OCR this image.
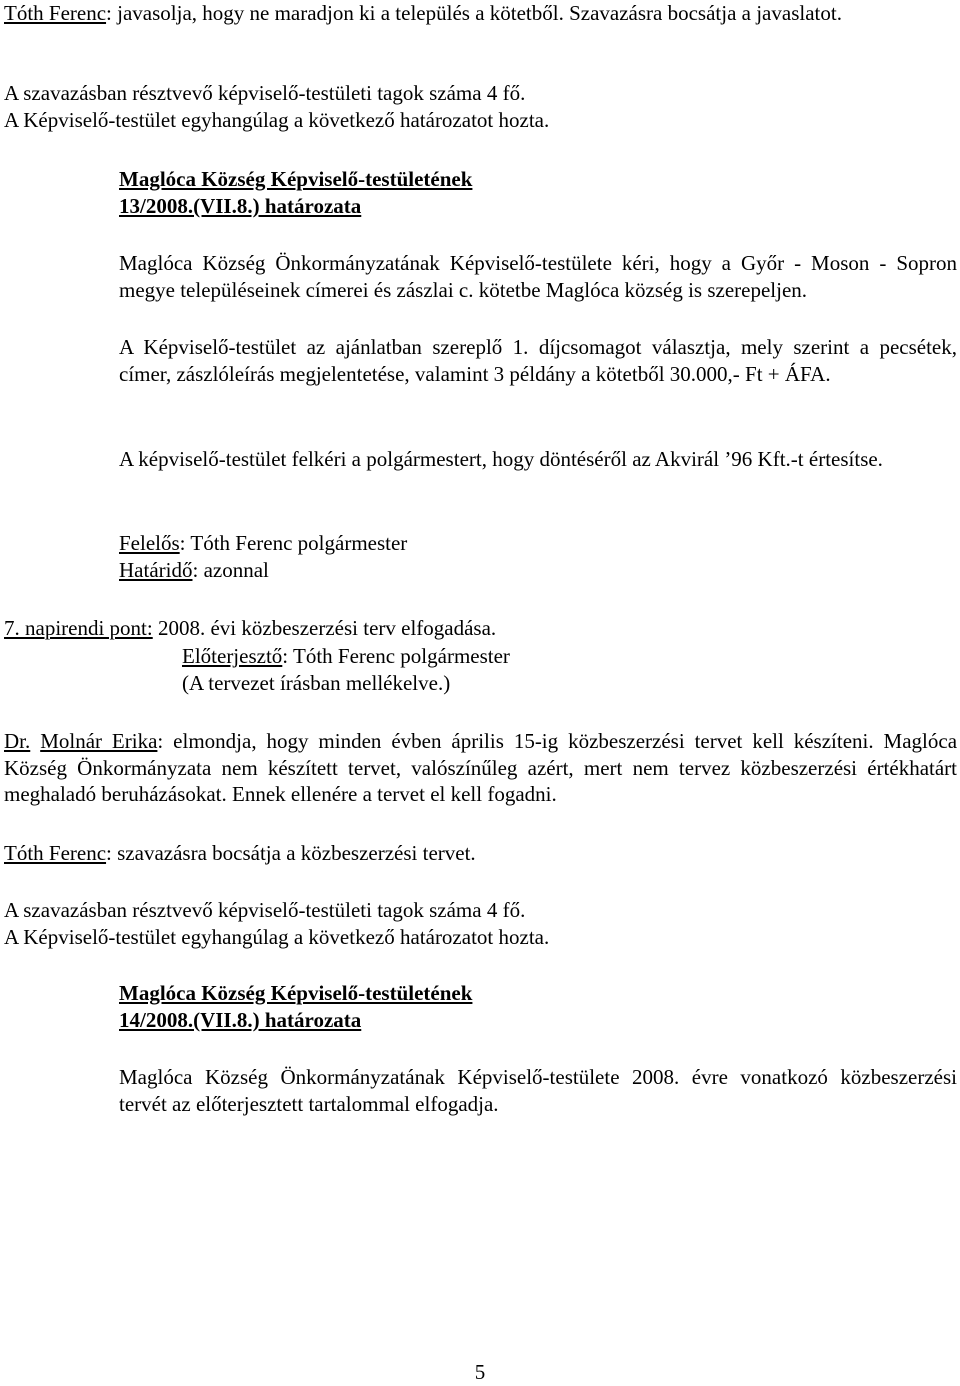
Tóth Ferenc: javasolja, hogy ne maradjon ki a település a kötetből. Szavazásra bocsátja a javaslatot.
A szavazásban résztvevő képviselő-testületi tagok száma 4 fő.
A Képviselő-testület egyhangúlag a következő határozatot hozta.
Maglóca Község Képviselő-testületének
13/2008.(VII.8.) határozata
Maglóca Község Önkormányzatának Képviselő-testülete kéri, hogy a Győr - Moson - Sopron megye településeinek címerei és zászlai c. kötetbe Maglóca község is szerepeljen.
A Képviselő-testület az ajánlatban szereplő 1. díjcsomagot választja, mely szerint a pecsétek, címer, zászlóleírás megjelentetése, valamint 3 példány a kötetből 30.000,- Ft + ÁFA.
A képviselő-testület felkéri a polgármestert, hogy döntéséről az Akvirál ’96 Kft.-t értesítse.
Felelős: Tóth Ferenc polgármester
Határidő: azonnal
7. napirendi pont: 2008. évi közbeszerzési terv elfogadása.
Előterjesztő: Tóth Ferenc polgármester
(A tervezet írásban mellékelve.)
Dr. Molnár Erika: elmondja, hogy minden évben április 15-ig közbeszerzési tervet kell készíteni. Maglóca Község Önkormányzata nem készített tervet, valószínűleg azért, mert nem tervez közbeszerzési értékhatárt meghaladó beruházásokat. Ennek ellenére a tervet el kell fogadni.
Tóth Ferenc: szavazásra bocsátja a közbeszerzési tervet.
A szavazásban résztvevő képviselő-testületi tagok száma 4 fő.
A Képviselő-testület egyhangúlag a következő határozatot hozta.
Maglóca Község Képviselő-testületének
14/2008.(VII.8.) határozata
Maglóca Község Önkormányzatának Képviselő-testülete 2008. évre vonatkozó közbeszerzési tervét az előterjesztett tartalommal elfogadja.
5
